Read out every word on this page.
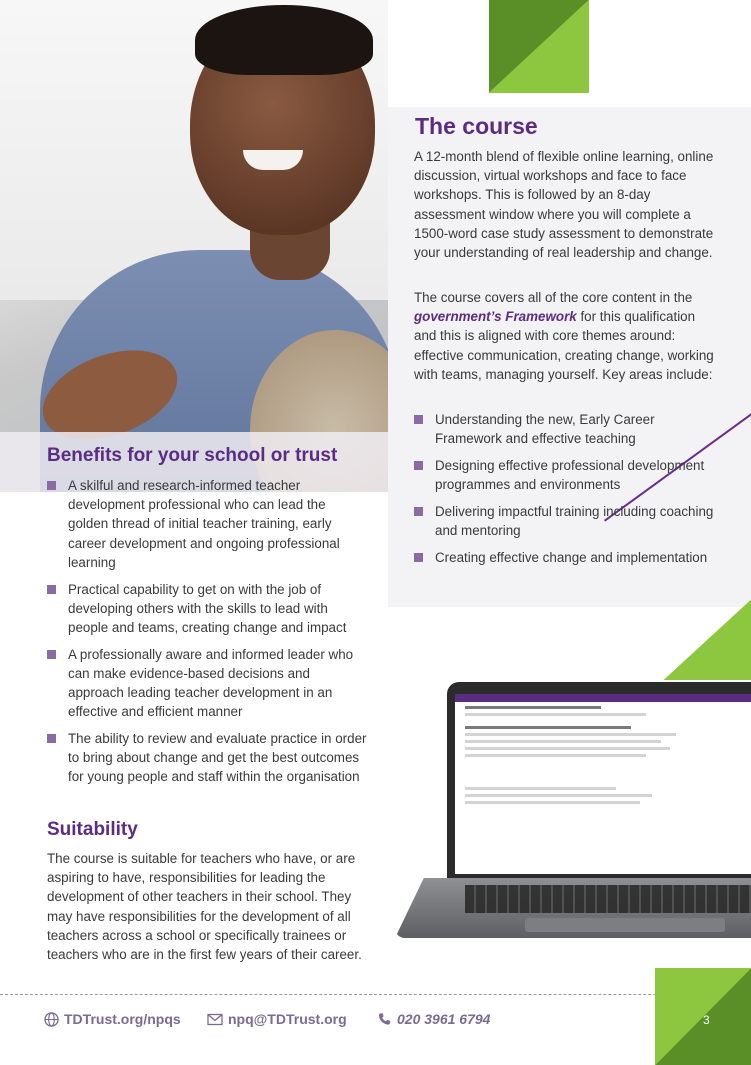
The course

A 12-month blend of flexible online learning, online discussion, virtual workshops and face to face workshops. This is followed by an 8-day assessment window where you will complete a 1500-word case study assessment to demonstrate your understanding of real leadership and change.

The course covers all of the core content in the government’s Framework for this qualification and this is aligned with core themes around: effective communication, creating change, working with teams, managing yourself. Key areas include:

Understanding the new, Early Career Framework and effective teaching
Designing effective professional development programmes and environments
Delivering impactful training including coaching and mentoring
Creating effective change and implementation
Benefits for your school or trust
A skilful and research-informed teacher development professional who can lead the golden thread of initial teacher training, early career development and ongoing professional learning
Practical capability to get on with the job of developing others with the skills to lead with people and teams, creating change and impact
A professionally aware and informed leader who can make evidence-based decisions and approach leading teacher development in an effective and efficient manner
The ability to review and evaluate practice in order to bring about change and get the best outcomes for young people and staff within the organisation
Suitability

The course is suitable for teachers who have, or are aspiring to have, responsibilities for leading the development of other teachers in their school. They may have responsibilities for the development of all teachers across a school or specifically trainees or teachers who are in the first few years of their career.

TDTrust.org/npqs	npq@TDTrust.org	020 3961 6794	3
